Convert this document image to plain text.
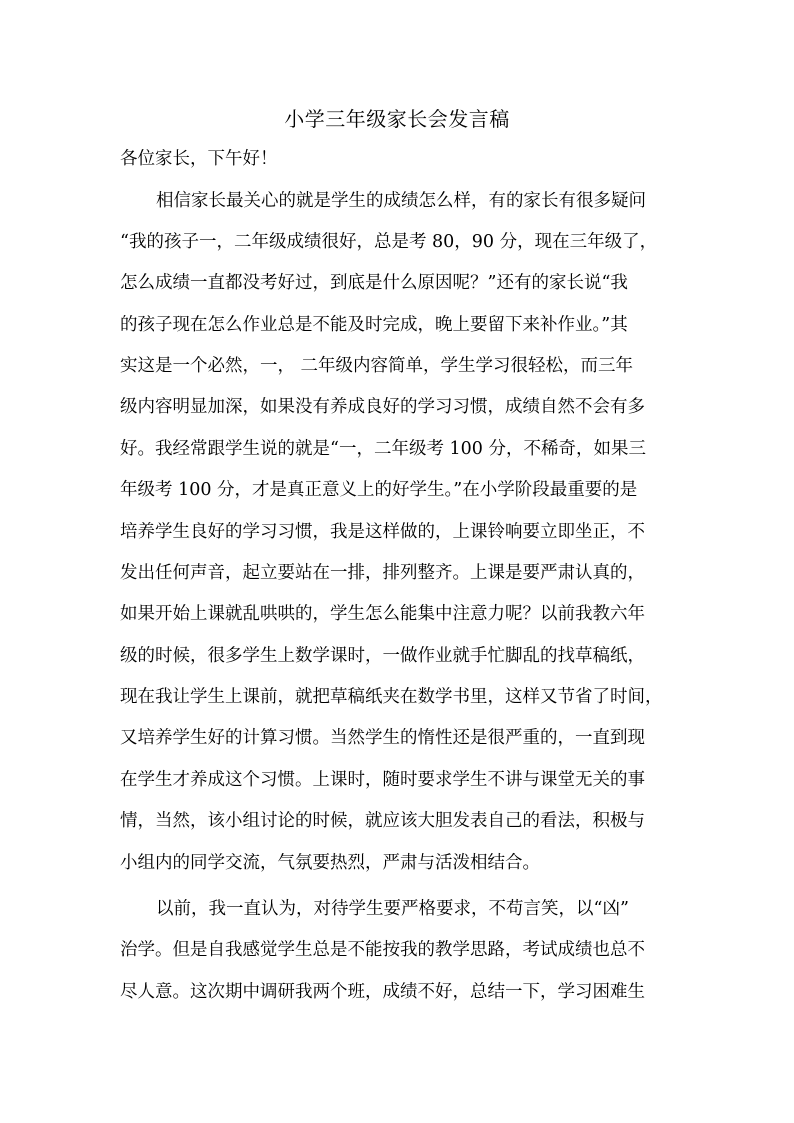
小学三年级家长会发言稿
各位家长，下午好！
相信家长最关心的就是学生的成绩怎么样，有的家长有很多疑问
“我的孩子一，二年级成绩很好，总是考 80，90 分，现在三年级了，
怎么成绩一直都没考好过，到底是什么原因呢？”还有的家长说“我
的孩子现在怎么作业总是不能及时完成，晚上要留下来补作业。”其
实这是一个必然，一， 二年级内容简单，学生学习很轻松，而三年
级内容明显加深，如果没有养成良好的学习习惯，成绩自然不会有多
好。我经常跟学生说的就是“一，二年级考 100 分，不稀奇，如果三
年级考 100 分，才是真正意义上的好学生。”在小学阶段最重要的是
培养学生良好的学习习惯，我是这样做的，上课铃响要立即坐正，不
发出任何声音，起立要站在一排，排列整齐。上课是要严肃认真的，
如果开始上课就乱哄哄的，学生怎么能集中注意力呢？以前我教六年
级的时候，很多学生上数学课时，一做作业就手忙脚乱的找草稿纸，
现在我让学生上课前，就把草稿纸夹在数学书里，这样又节省了时间，
又培养学生好的计算习惯。当然学生的惰性还是很严重的，一直到现
在学生才养成这个习惯。上课时，随时要求学生不讲与课堂无关的事
情，当然，该小组讨论的时候，就应该大胆发表自己的看法，积极与
小组内的同学交流，气氛要热烈，严肃与活泼相结合。
以前，我一直认为，对待学生要严格要求，不苟言笑，以“凶”
治学。但是自我感觉学生总是不能按我的教学思路，考试成绩也总不
尽人意。这次期中调研我两个班，成绩不好，总结一下，学习困难生
